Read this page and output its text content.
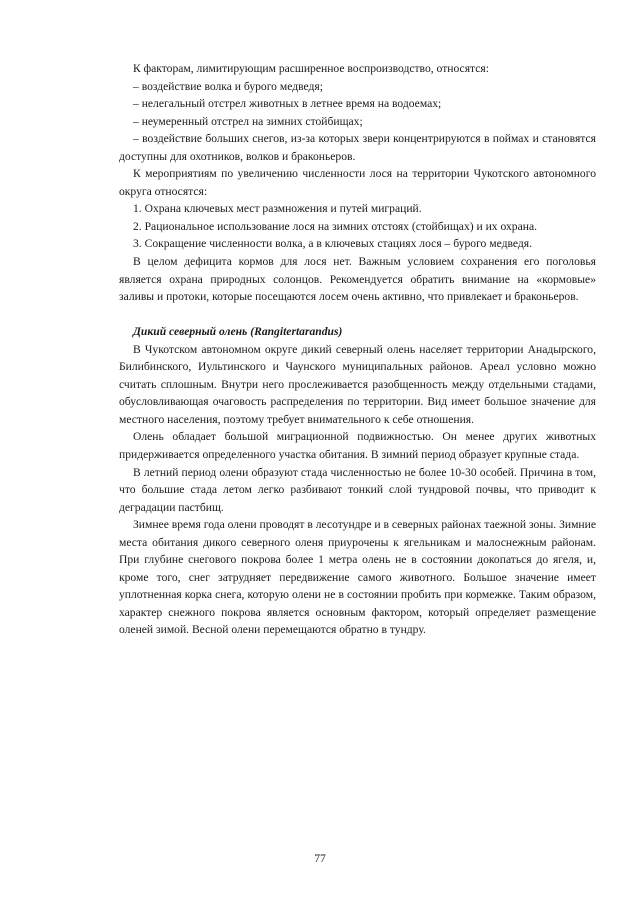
К факторам, лимитирующим расширенное воспроизводство, относятся:

– воздействие волка и бурого медведя;

– нелегальный отстрел животных в летнее время на водоемах;

– неумеренный отстрел на зимних стойбищах;

– воздействие больших снегов, из-за которых звери концентрируются в поймах и становятся доступны для охотников, волков и браконьеров.

К мероприятиям по увеличению численности лося на территории Чукотского автономного округа относятся:

1. Охрана ключевых мест размножения и путей миграций.

2. Рациональное использование лося на зимних отстоях (стойбищах) и их охрана.

3. Сокращение численности волка, а в ключевых стациях лося – бурого медведя.

В целом дефицита кормов для лося нет. Важным условием сохранения его поголовья является охрана природных солонцов. Рекомендуется обратить внимание на «кормовые» заливы и протоки, которые посещаются лосем очень активно, что привлекает и браконьеров.

Дикий северный олень (Rangitertarandus)

В Чукотском автономном округе дикий северный олень населяет территории Анадырского, Билибинского, Иультинского и Чаунского муниципальных районов. Ареал условно можно считать сплошным. Внутри него прослеживается разобщенность между отдельными стадами, обусловливающая очаговость распределения по территории. Вид имеет большое значение для местного населения, поэтому требует внимательного к себе отношения.

Олень обладает большой миграционной подвижностью. Он менее других животных придерживается определенного участка обитания. В зимний период образует крупные стада.

В летний период олени образуют стада численностью не более 10-30 особей. Причина в том, что большие стада летом легко разбивают тонкий слой тундровой почвы, что приводит к деградации пастбищ.

Зимнее время года олени проводят в лесотундре и в северных районах таежной зоны. Зимние места обитания дикого северного оленя приурочены к ягельникам и малоснежным районам. При глубине снегового покрова более 1 метра олень не в состоянии докопаться до ягеля, и, кроме того, снег затрудняет передвижение самого животного. Большое значение имеет уплотненная корка снега, которую олени не в состоянии пробить при кормежке. Таким образом, характер снежного покрова является основным фактором, который определяет размещение оленей зимой. Весной олени перемещаются обратно в тундру.

77
